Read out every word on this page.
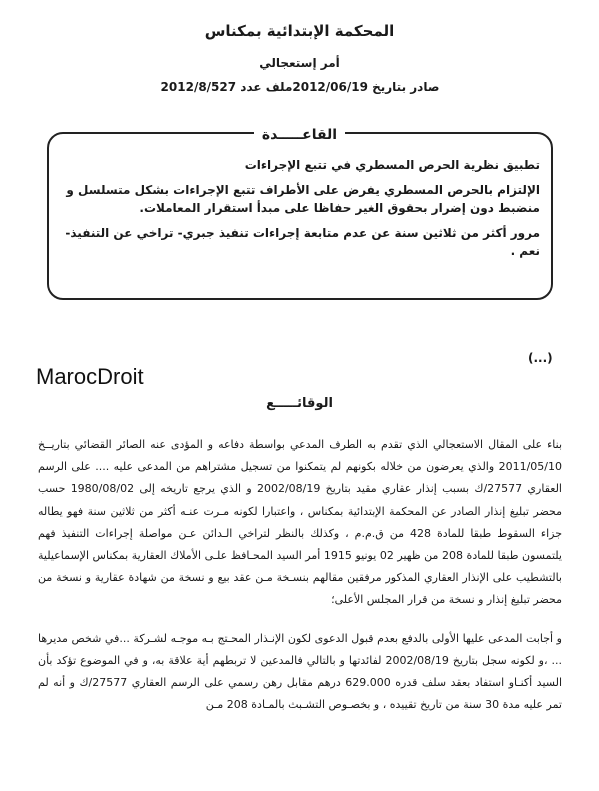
المحكمة الإبتدائية بمكناس
أمر إستعجالي
صادر بتاريخ 2012/06/19ملف عدد 2012/8/527
القاعـــــدة

تطبيق نظرية الحرص المسطري في تتبع الإجراءات

الإلتزام بالحرص المسطري يفرض على الأطراف تتبع الإجراءات بشكل متسلسل و منضبط دون إضرار بحقوق الغير حفاظا على مبدأ استقرار المعاملات.

مرور أكثر من ثلاثين سنة عن عدم متابعة إجراءات تنفيذ جبري- تراخي عن التنفيذ- نعم .

(...)
MarocDroit
الوقائـــــع

بناء على المقال الاستعجالي الذي تقدم به الطرف المدعي بواسطة دفاعه و المؤدى عنه الصائر القضائي بتاريــخ 2011/05/10 والذي يعرضون من خلاله بكونهم لم يتمكنوا من تسجيل مشتراهم من المدعى عليه .... على الرسم العقاري 27577/ك بسبب إنذار عقاري مقيد بتاريخ 2002/08/19 و الذي يرجع تاريخه إلى 1980/08/02 حسب محضر تبليغ إنذار الصادر عن المحكمة الإبتدائية بمكناس ، واعتبارا لكونه مـرت عنـه أكثر من ثلاثين سنة فهو يطاله جزاء السقوط طبقا للمادة 428 من ق.م.م ، وكذلك بالنظر لتراخي الـدائن عـن مواصلة إجراءات التنفيذ فهم يلتمسون طبقا للمادة 208 من ظهير 02 يونيو 1915 أمر السيد المحـافظ علـى الأملاك العقارية بمكناس الإسماعيلية بالتشطيب على الإنذار العقاري المذكور مرفقين مقالهم بنسـخة مـن عقد بيع و نسخة من شهادة عقارية و نسخة من محضر تبليغ إنذار و نسخة من قرار المجلس الأعلى؛

و أجابت المدعى عليها الأولى بالدفع بعدم قبول الدعوى لكون الإنـذار المحـتج بـه موجـه لشـركة ...في شخص مديرها ... ،و لكونه سجل بتاريخ 2002/08/19 لفائدتها و بالتالي فالمدعين لا تربطهم أية علاقة به، و في الموضوع تؤكد بأن السيد أكنـاو استفاد بعقد سلف قدره 629.000 درهم مقابل رهن رسمي على الرسم العقاري 27577/ك و أنه لم تمر عليه مدة 30 سنة من تاريخ تقييده ، و بخصـوص التشـبث بالمـادة 208 مـن
